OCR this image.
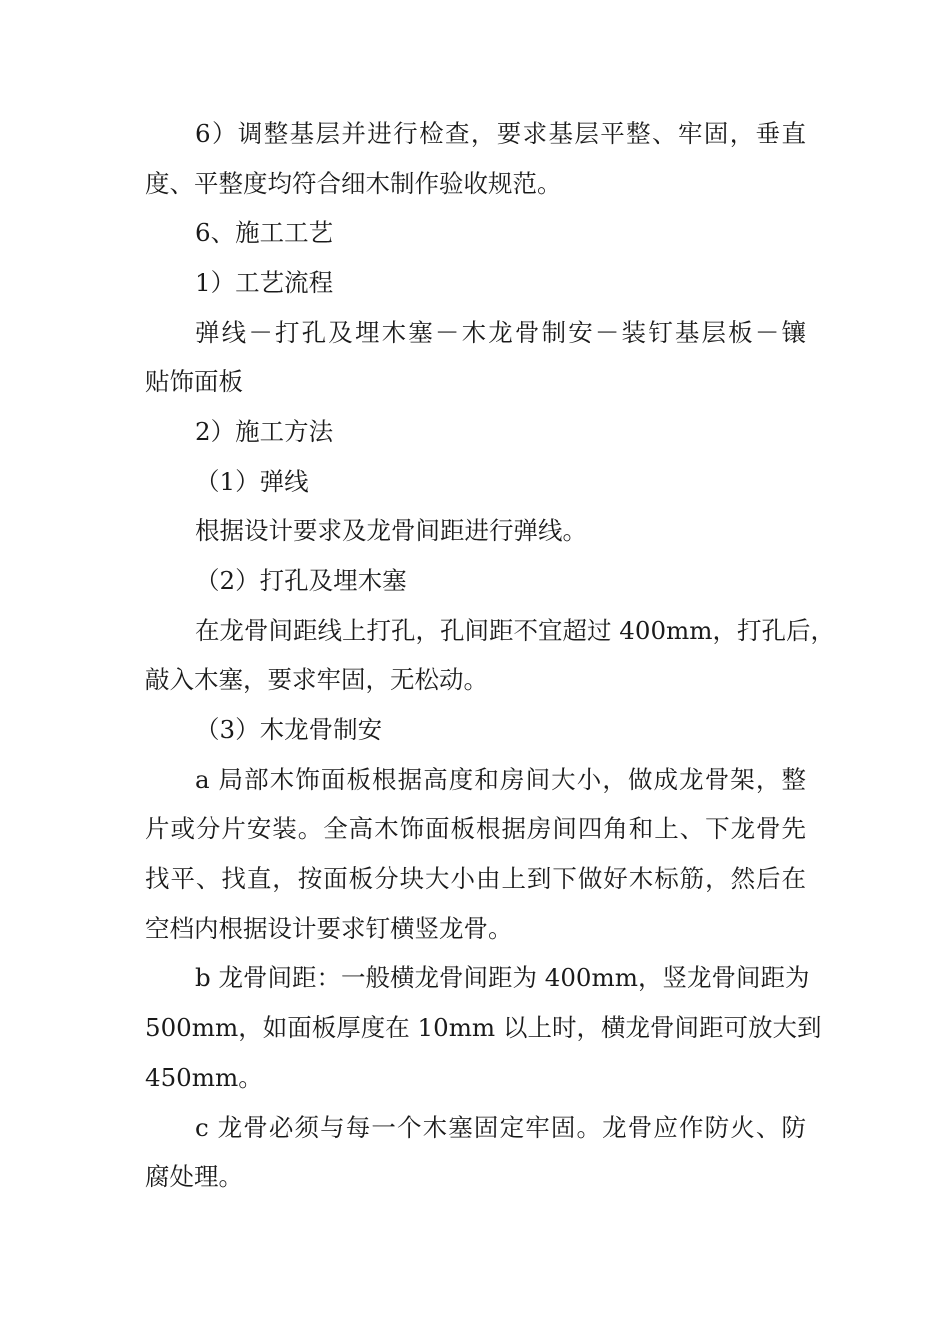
6）调整基层并进行检查，要求基层平整、牢固，垂直

度、平整度均符合细木制作验收规范。

6、施工工艺

1）工艺流程

弹线－打孔及埋木塞－木龙骨制安－装钉基层板－镶

贴饰面板

2）施工方法

（1）弹线

根据设计要求及龙骨间距进行弹线。

（2）打孔及埋木塞

在龙骨间距线上打孔，孔间距不宜超过 400mm，打孔后，

敲入木塞，要求牢固，无松动。

（3）木龙骨制安

a 局部木饰面板根据高度和房间大小，做成龙骨架，整

片或分片安装。全高木饰面板根据房间四角和上、下龙骨先

找平、找直，按面板分块大小由上到下做好木标筋，然后在

空档内根据设计要求钉横竖龙骨。

b 龙骨间距：一般横龙骨间距为 400mm，竖龙骨间距为

500mm，如面板厚度在 10mm 以上时，横龙骨间距可放大到

450mm。

c 龙骨必须与每一个木塞固定牢固。龙骨应作防火、防

腐处理。
